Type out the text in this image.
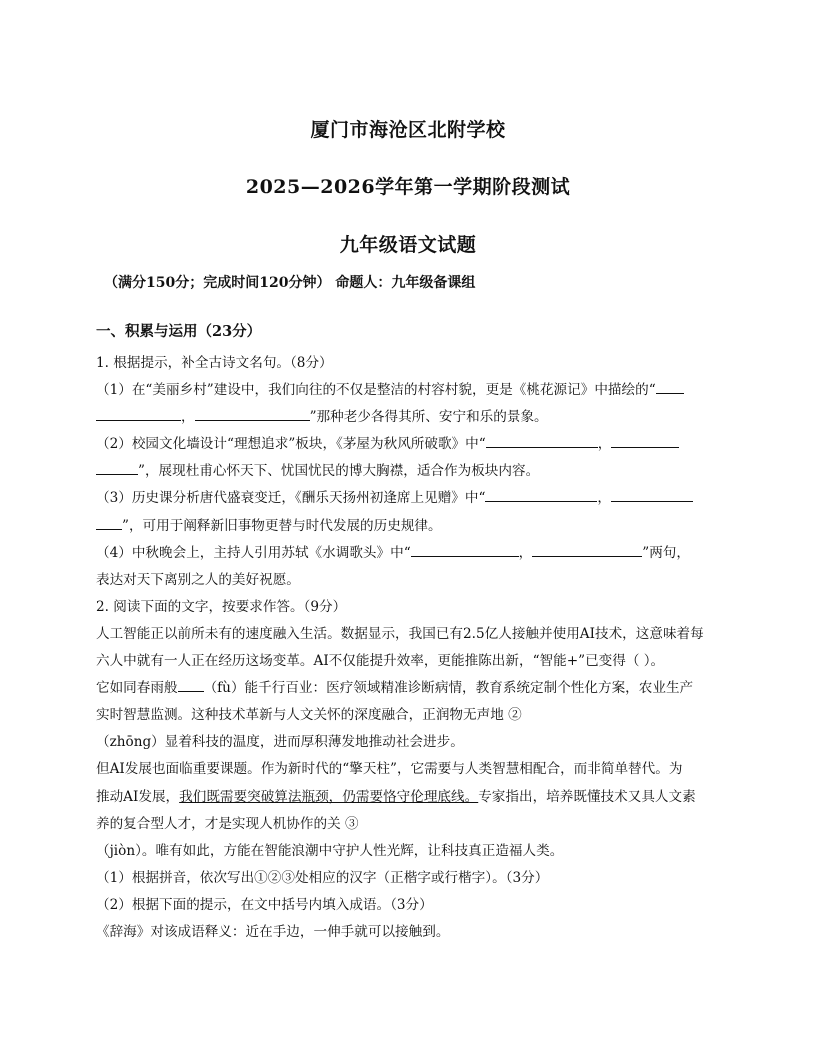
厦门市海沧区北附学校
2025—2026学年第一学期阶段测试
九年级语文试题
（满分150分；完成时间120分钟） 命题人：九年级备课组
一、积累与运用（23分）
1. 根据提示，补全古诗文名句。（8分）
（1）在“美丽乡村”建设中，我们向往的不仅是整洁的村容村貌，更是《桃花源记》中描绘的“
，	”那种老少各得其所、安宁和乐的景象。
（2）校园文化墙设计“理想追求”板块，《茅屋为秋风所破歌》中“	，
”，展现杜甫心怀天下、忧国忧民的博大胸襟，适合作为板块内容。
（3）历史课分析唐代盛衰变迁，《酬乐天扬州初逢席上见赠》中“	，
”，可用于阐释新旧事物更替与时代发展的历史规律。
（4）中秋晚会上，主持人引用苏轼《水调歌头》中“	，	”两句，
表达对天下离别之人的美好祝愿。
2. 阅读下面的文字，按要求作答。（9分）
人工智能正以前所未有的速度融入生活。数据显示，我国已有2.5亿人接触并使用AI技术，这意味着每
六人中就有一人正在经历这场变革。AI不仅能提升效率，更能推陈出新，“智能+”已变得（ ）。
它如同春雨般 （fù）能千行百业：医疗领域精准诊断病情，教育系统定制个性化方案，农业生产
实时智慧监测。这种技术革新与人文关怀的深度融合，正润物无声地 ②
（zhōng）显着科技的温度，进而厚积薄发地推动社会进步。
但AI发展也面临重要课题。作为新时代的“擎天柱”，它需要与人类智慧相配合，而非简单替代。为
推动AI发展，我们既需要突破算法瓶颈，仍需要恪守伦理底线。专家指出，培养既懂技术又具人文素
养的复合型人才，才是实现人机协作的关 ③
（jiòn）。唯有如此，方能在智能浪潮中守护人性光辉，让科技真正造福人类。
（1）根据拼音，依次写出①②③处相应的汉字（正楷字或行楷字）。（3分）
（2）根据下面的提示，在文中括号内填入成语。（3分）
《辞海》对该成语释义：近在手边，一伸手就可以接触到。
